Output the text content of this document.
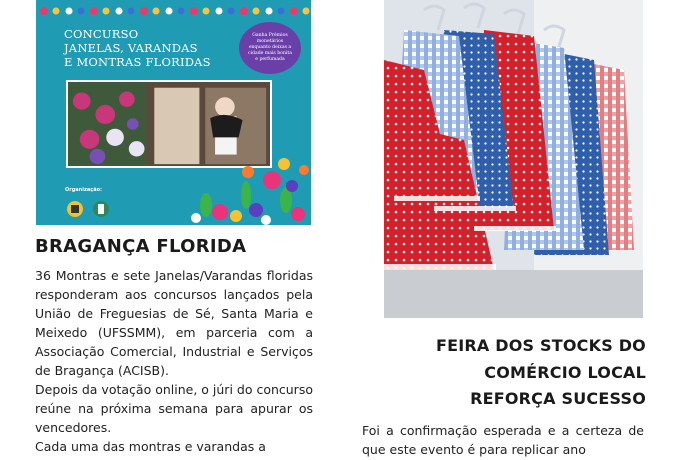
CONCURSO
JANELAS, VARANDAS
E MONTRAS FLORIDAS
Ganha Prémios monetários enquanto deixas a cidade mais bonita e perfumada
Organização:
BRAGANÇA FLORIDA

36 Montras e sete Janelas/Varandas floridas responderam aos concursos lançados pela União de Freguesias de Sé, Santa Maria e Meixedo (UFSSMM), em parceria com a Associação Comercial, Industrial e Serviços de Bragança (ACISB).

Depois da votação online, o júri do concurso reúne na próxima semana para apurar os vencedores.

Cada uma das montras e varandas a

FEIRA DOS STOCKS DO
COMÉRCIO LOCAL
REFORÇA SUCESSO

Foi a confirmação esperada e a certeza de que este evento é para replicar ano
